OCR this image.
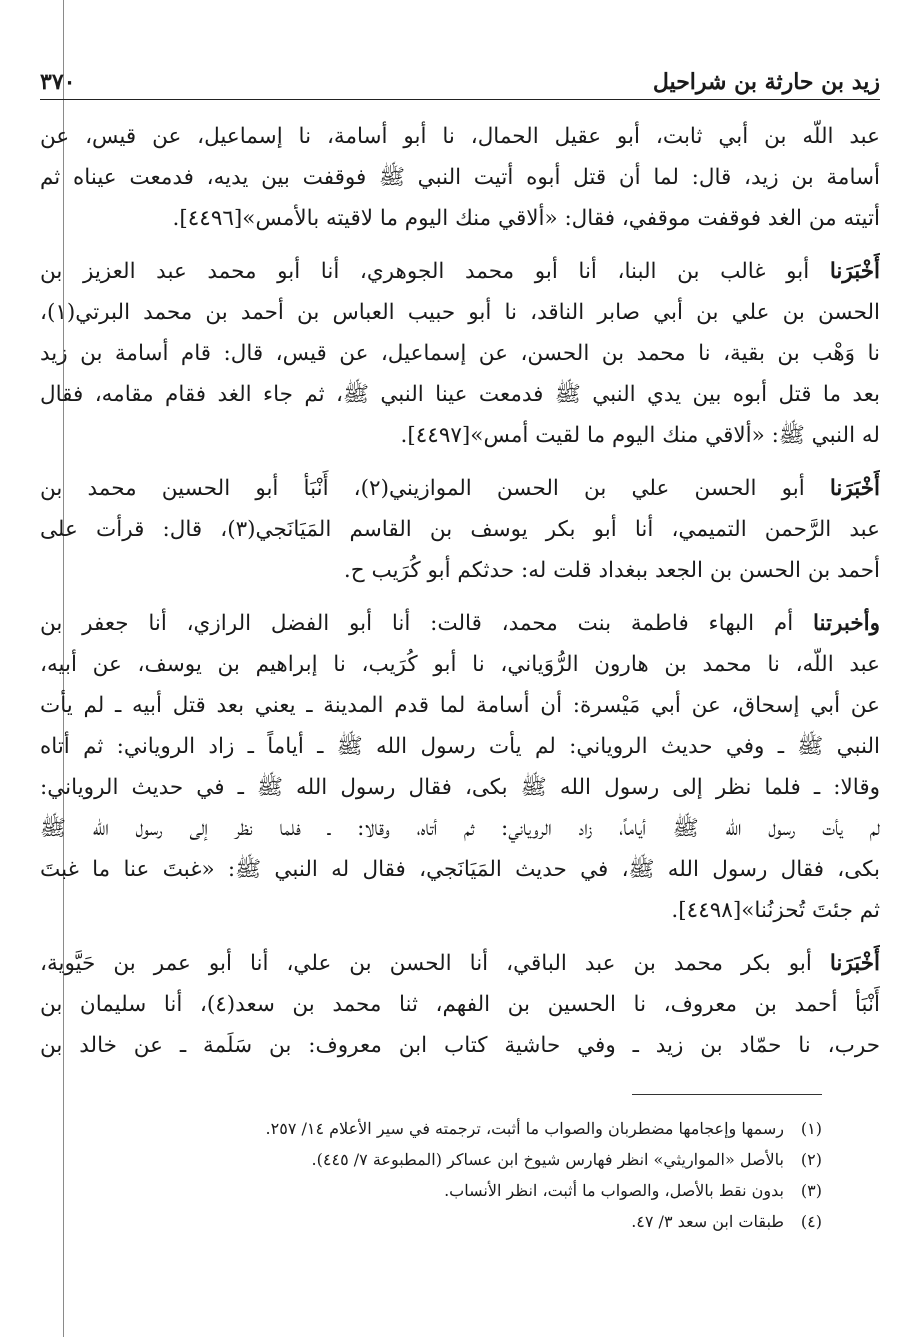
زيد بن حارثة بن شراحيل
٣٧٠

عبد اللّه بن أبي ثابت، أبو عقيل الحمال، نا أبو أسامة، نا إسماعيل، عن قيس، عن
أسامة بن زيد، قال: لما أن قتل أبوه أتيت النبي ﷺ فوقفت بين يديه، فدمعت عيناه ثم
أتيته من الغد فوقفت موقفي، فقال: «ألاقي منك اليوم ما لاقيته بالأمس»[٤٤٩٦].

أَخْبَرَنا أبو غالب بن البنا، أنا أبو محمد الجوهري، أنا أبو محمد عبد العزيز بن
الحسن بن علي بن أبي صابر الناقد، نا أبو حبيب العباس بن أحمد بن محمد البرتي(١)،
نا وَهْب بن بقية، نا محمد بن الحسن، عن إسماعيل، عن قيس، قال: قام أسامة بن زيد
بعد ما قتل أبوه بين يدي النبي ﷺ فدمعت عينا النبي ﷺ، ثم جاء الغد فقام مقامه، فقال
له النبي ﷺ: «ألاقي منك اليوم ما لقيت أمس»[٤٤٩٧].

أَخْبَرَنا أبو الحسن علي بن الحسن الموازيني(٢)، أَنْبَأ أبو الحسين محمد بن
عبد الرَّحمن التميمي، أنا أبو بكر يوسف بن القاسم المَيَانَجي(٣)، قال: قرأت على
أحمد بن الحسن بن الجعد ببغداد قلت له: حدثكم أبو كُرَيب ح.

وأخبرتنا أم البهاء فاطمة بنت محمد، قالت: أنا أبو الفضل الرازي، أنا جعفر بن
عبد اللّه، نا محمد بن هارون الرُّوَياني، نا أبو كُرَيب، نا إبراهيم بن يوسف، عن أبيه،
عن أبي إسحاق، عن أبي مَيْسرة: أن أسامة لما قدم المدينة ـ يعني بعد قتل أبيه ـ لم يأت
النبي ﷺ ـ وفي حديث الروياني: لم يأت رسول الله ﷺ ـ أياماً ـ زاد الروياني: ثم أتاه
وقالا: ـ فلما نظر إلى رسول الله ﷺ بكى، فقال رسول الله ﷺ ـ في حديث الروياني:
لم يأت رسول الله ﷺ أياماً، زاد الروياني: ثم أتاه، وقالا: ـ فلما نظر إلى رسول الله ﷺ
بكى، فقال رسول الله ﷺ، في حديث المَيَانَجي، فقال له النبي ﷺ: «غبتَ عنا ما غبتَ
ثم جئتَ تُحزنُنا»[٤٤٩٨].

أَخْبَرَنا أبو بكر محمد بن عبد الباقي، أنا الحسن بن علي، أنا أبو عمر بن حَيَّوية،
أَنْبَأ أحمد بن معروف، نا الحسين بن الفهم، ثنا محمد بن سعد(٤)، أنا سليمان بن
حرب، نا حمّاد بن زيد ـ وفي حاشية كتاب ابن معروف: بن سَلَمة ـ عن خالد بن

(١)رسمها وإعجامها مضطربان والصواب ما أثبت، ترجمته في سير الأعلام ١٤/ ٢٥٧.
(٢)بالأصل «المواريثي» انظر فهارس شيوخ ابن عساكر (المطبوعة ٧/ ٤٤٥).
(٣)بدون نقط بالأصل، والصواب ما أثبت، انظر الأنساب.
(٤)طبقات ابن سعد ٣/ ٤٧.
